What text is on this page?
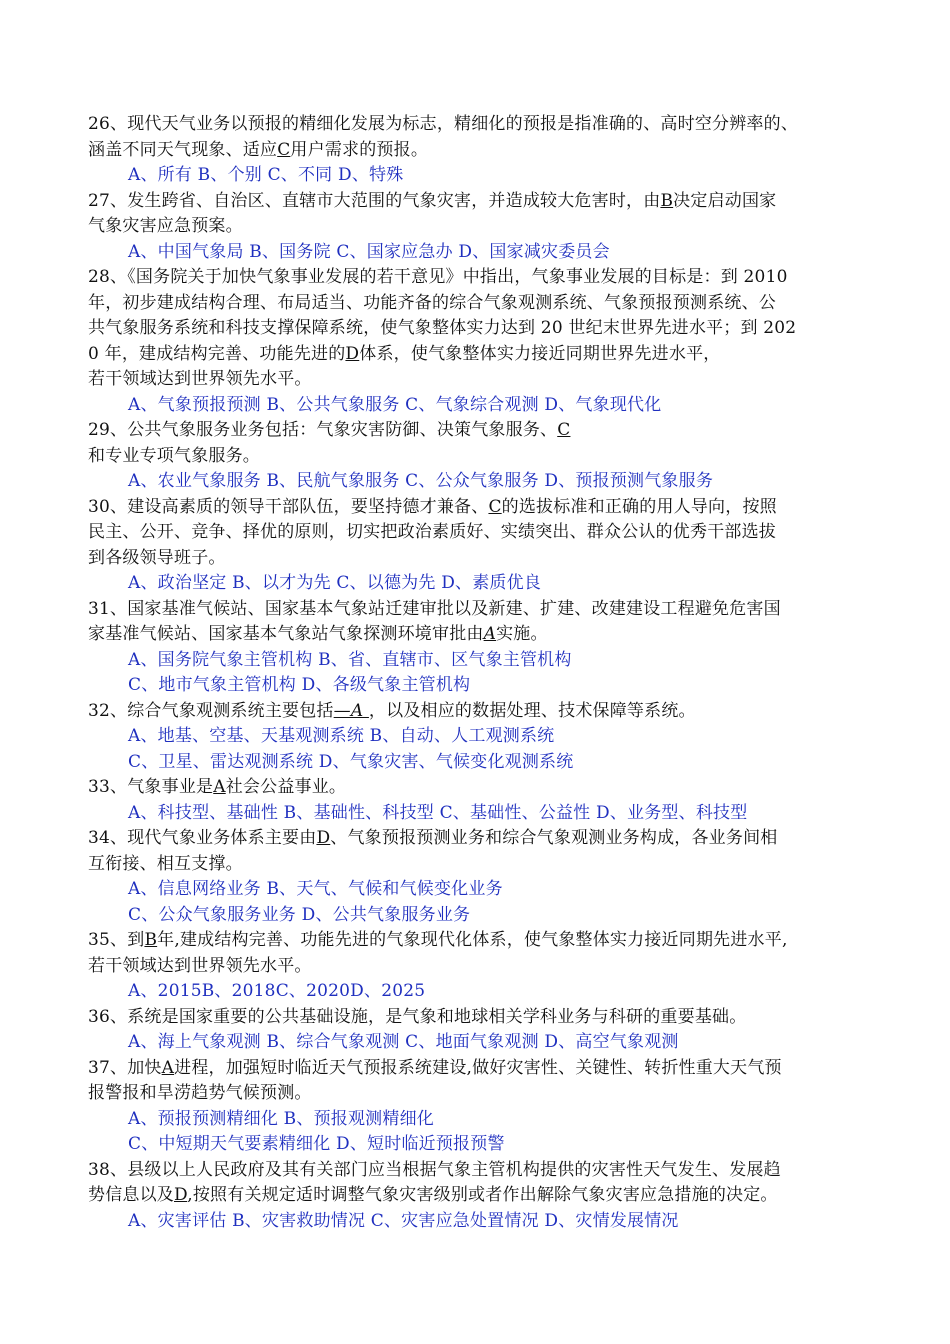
26、现代天气业务以预报的精细化发展为标志，精细化的预报是指准确的、高时空分辨率的、
涵盖不同天气现象、适应C用户需求的预报。
A、所有 B、个别 C、不同 D、特殊
27、发生跨省、自治区、直辖市大范围的气象灾害，并造成较大危害时，由B决定启动国家
气象灾害应急预案。
A、中国气象局 B、国务院 C、国家应急办 D、国家减灾委员会
28、《国务院关于加快气象事业发展的若干意见》中指出，气象事业发展的目标是：到 2010
年，初步建成结构合理、布局适当、功能齐备的综合气象观测系统、气象预报预测系统、公
共气象服务系统和科技支撑保障系统，使气象整体实力达到 20 世纪末世界先进水平；到 202
0 年，建成结构完善、功能先进的D体系，使气象整体实力接近同期世界先进水平，
若干领域达到世界领先水平。
A、气象预报预测 B、公共气象服务 C、气象综合观测 D、气象现代化
29、公共气象服务业务包括：气象灾害防御、决策气象服务、C
和专业专项气象服务。
A、农业气象服务 B、民航气象服务 C、公众气象服务 D、预报预测气象服务
30、建设高素质的领导干部队伍，要坚持德才兼备、C的选拔标准和正确的用人导向，按照
民主、公开、竞争、择优的原则，切实把政治素质好、实绩突出、群众公认的优秀干部选拔
到各级领导班子。
A、政治坚定 B、以才为先 C、以德为先 D、素质优良
31、国家基准气候站、国家基本气象站迁建审批以及新建、扩建、改建建设工程避免危害国
家基准气候站、国家基本气象站气象探测环境审批由A实施。
A、国务院气象主管机构 B、省、直辖市、区气象主管机构
C、地市气象主管机构 D、各级气象主管机构
32、综合气象观测系统主要包括—A ，以及相应的数据处理、技术保障等系统。
A、地基、空基、天基观测系统 B、自动、人工观测系统
C、卫星、雷达观测系统 D、气象灾害、气候变化观测系统
33、气象事业是A社会公益事业。
A、科技型、基础性 B、基础性、科技型 C、基础性、公益性 D、业务型、科技型
34、现代气象业务体系主要由D、气象预报预测业务和综合气象观测业务构成，各业务间相
互衔接、相互支撑。
A、信息网络业务 B、天气、气候和气候变化业务
C、公众气象服务业务 D、公共气象服务业务
35、到B年,建成结构完善、功能先进的气象现代化体系，使气象整体实力接近同期先进水平,
若干领域达到世界领先水平。
A、2015B、2018C、2020D、2025
36、系统是国家重要的公共基础设施，是气象和地球相关学科业务与科研的重要基础。
A、海上气象观测 B、综合气象观测 C、地面气象观测 D、高空气象观测
37、加快A进程，加强短时临近天气预报系统建设,做好灾害性、关键性、转折性重大天气预
报警报和旱涝趋势气候预测。
A、预报预测精细化 B、预报观测精细化
C、中短期天气要素精细化 D、短时临近预报预警
38、县级以上人民政府及其有关部门应当根据气象主管机构提供的灾害性天气发生、发展趋
势信息以及D,按照有关规定适时调整气象灾害级别或者作出解除气象灾害应急措施的决定。
A、灾害评估 B、灾害救助情况 C、灾害应急处置情况 D、灾情发展情况
